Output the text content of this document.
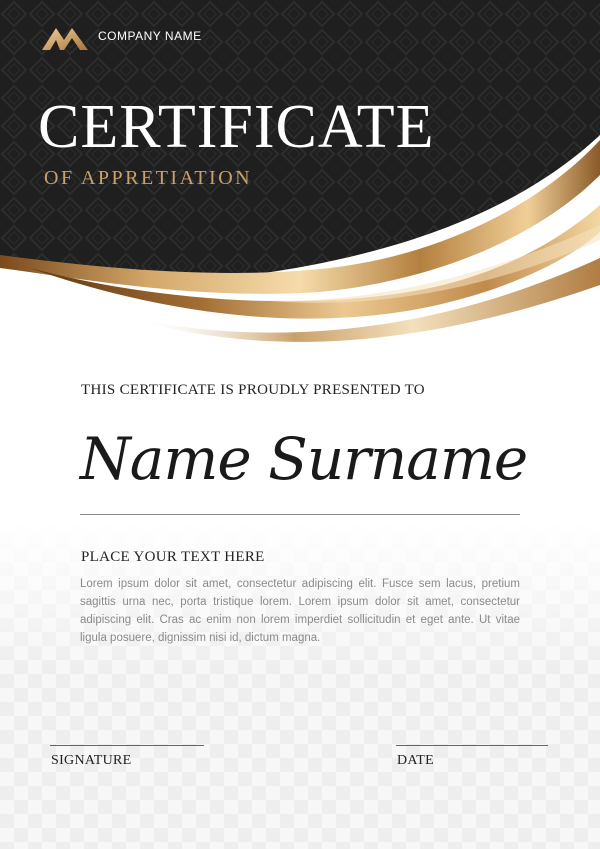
COMPANY NAME
CERTIFICATE
OF APPRETIATION
THIS CERTIFICATE IS PROUDLY PRESENTED TO
Name Surname
PLACE YOUR TEXT HERE
Lorem ipsum dolor sit amet, consectetur adipiscing elit. Fusce sem lacus, pretium sagittis urna nec, porta tristique lorem. Lorem ipsum dolor sit amet, consectetur adipiscing elit. Cras ac enim non lorem imperdiet sollicitudin et eget ante. Ut vitae ligula posuere, dignissim nisi id, dictum magna.
SIGNATURE	DATE
